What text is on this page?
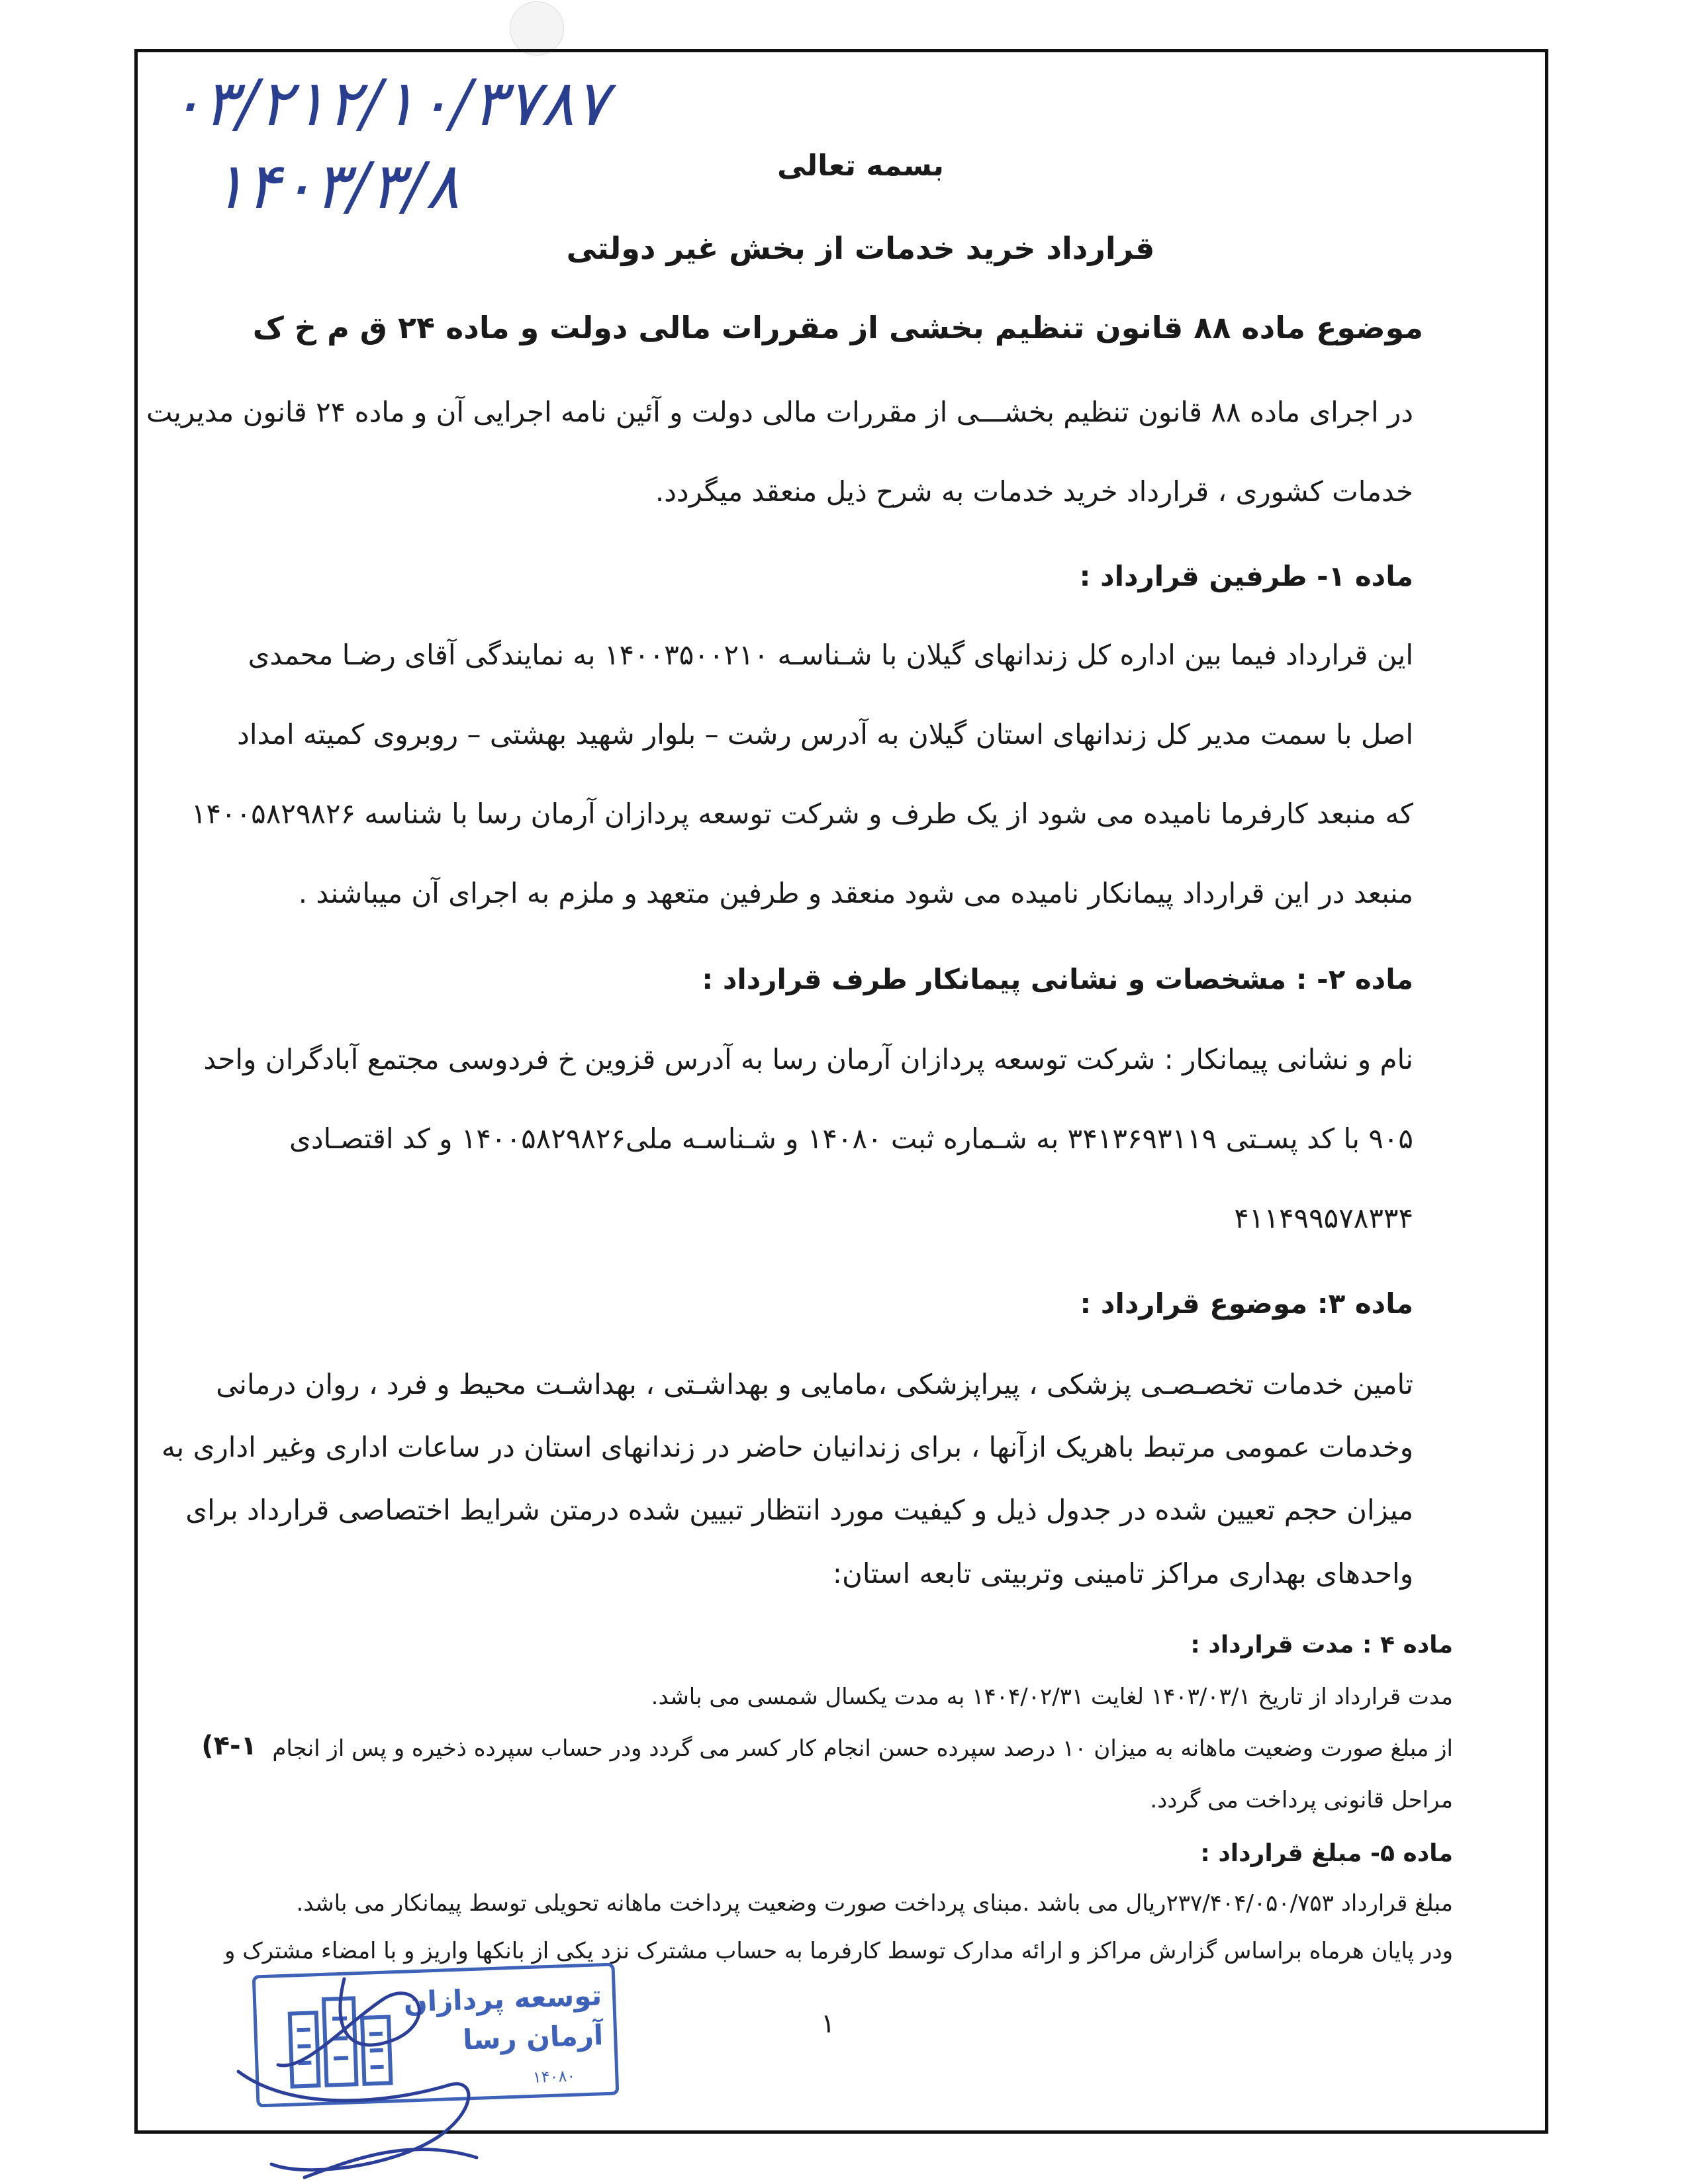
۰۳/۲۱۲/۱۰/۳۷۸۷
۱۴۰۳/۳/۸	بسمه تعالی
قرارداد خرید خدمات از بخش غیر دولتی
موضوع ماده ۸۸ قانون تنظیم بخشی از مقررات مالی دولت و ماده ۲۴ ق م خ ک
در اجرای ماده ۸۸ قانون تنظیم بخشـــی از مقررات مالی دولت و آئین نامه اجرایی آن و ماده ۲۴ قانون مدیریت
خدمات کشوری ، قرارداد خرید خدمات به شرح ذیل منعقد میگردد.
ماده ۱- طرفین قرارداد :
این قرارداد فیما بین اداره کل زندانهای گیلان با شـناسـه ۱۴۰۰۳۵۰۰۲۱۰ به نمایندگی آقای رضـا محمدی
اصل با سمت مدیر کل زندانهای استان گیلان به آدرس رشت – بلوار شهید بهشتی – روبروی کمیته امداد
که منبعد کارفرما نامیده می شود از یک طرف و شرکت توسعه پردازان آرمان رسا با شناسه ۱۴۰۰۵۸۲۹۸۲۶
منبعد در این قرارداد پیمانکار نامیده می شود منعقد و طرفین متعهد و ملزم به اجرای آن میباشند .
ماده ۲- : مشخصات و نشانی پیمانکار طرف قرارداد :
نام و نشانی پیمانکار : شرکت توسعه پردازان آرمان رسا به آدرس قزوین خ فردوسی مجتمع آبادگران واحد
۹۰۵ با کد پسـتی ۳۴۱۳۶۹۳۱۱۹ به شـماره ثبت ۱۴۰۸۰ و شـناسـه ملی۱۴۰۰۵۸۲۹۸۲۶ و کد اقتصـادی
۴۱۱۴۹۹۵۷۸۳۳۴
ماده ۳: موضوع قرارداد :
تامین خدمات تخصـصـی پزشکی ، پیراپزشکی ،مامایی و بهداشـتی ، بهداشـت محیط و فرد ، روان درمانی
وخدمات عمومی مرتبط باهریک ازآنها ، برای زندانیان حاضر در زندانهای استان در ساعات اداری وغیر اداری به
میزان حجم تعیین شده در جدول ذیل و کیفیت مورد انتظار تبیین شده درمتن شرایط اختصاصی قرارداد برای
واحدهای بهداری مراکز تامینی وتربیتی تابعه استان:
ماده ۴ : مدت قرارداد :
مدت قرارداد از تاریخ ۱۴۰۳/۰۳/۱ لغایت ۱۴۰۴/۰۲/۳۱ به مدت یکسال شمسی می باشد.
۴-۱) از مبلغ صورت وضعیت ماهانه به میزان ۱۰ درصد سپرده حسن انجام کار کسر می گردد ودر حساب سپرده ذخیره و پس از انجام
مراحل قانونی پرداخت می گردد.
ماده ۵- مبلغ قرارداد :
مبلغ قرارداد ۲۳۷/۴۰۴/۰۵۰/۷۵۳ریال می باشد .مبنای پرداخت صورت وضعیت پرداخت ماهانه تحویلی توسط پیمانکار می باشد.
ودر پایان هرماه براساس گزارش مراکز و ارائه مدارک توسط کارفرما به حساب مشترک نزد یکی از بانکها واریز و با امضاء مشترک و
۱
توسعه پردازان
آرمان رسا
۱۴۰۸۰
